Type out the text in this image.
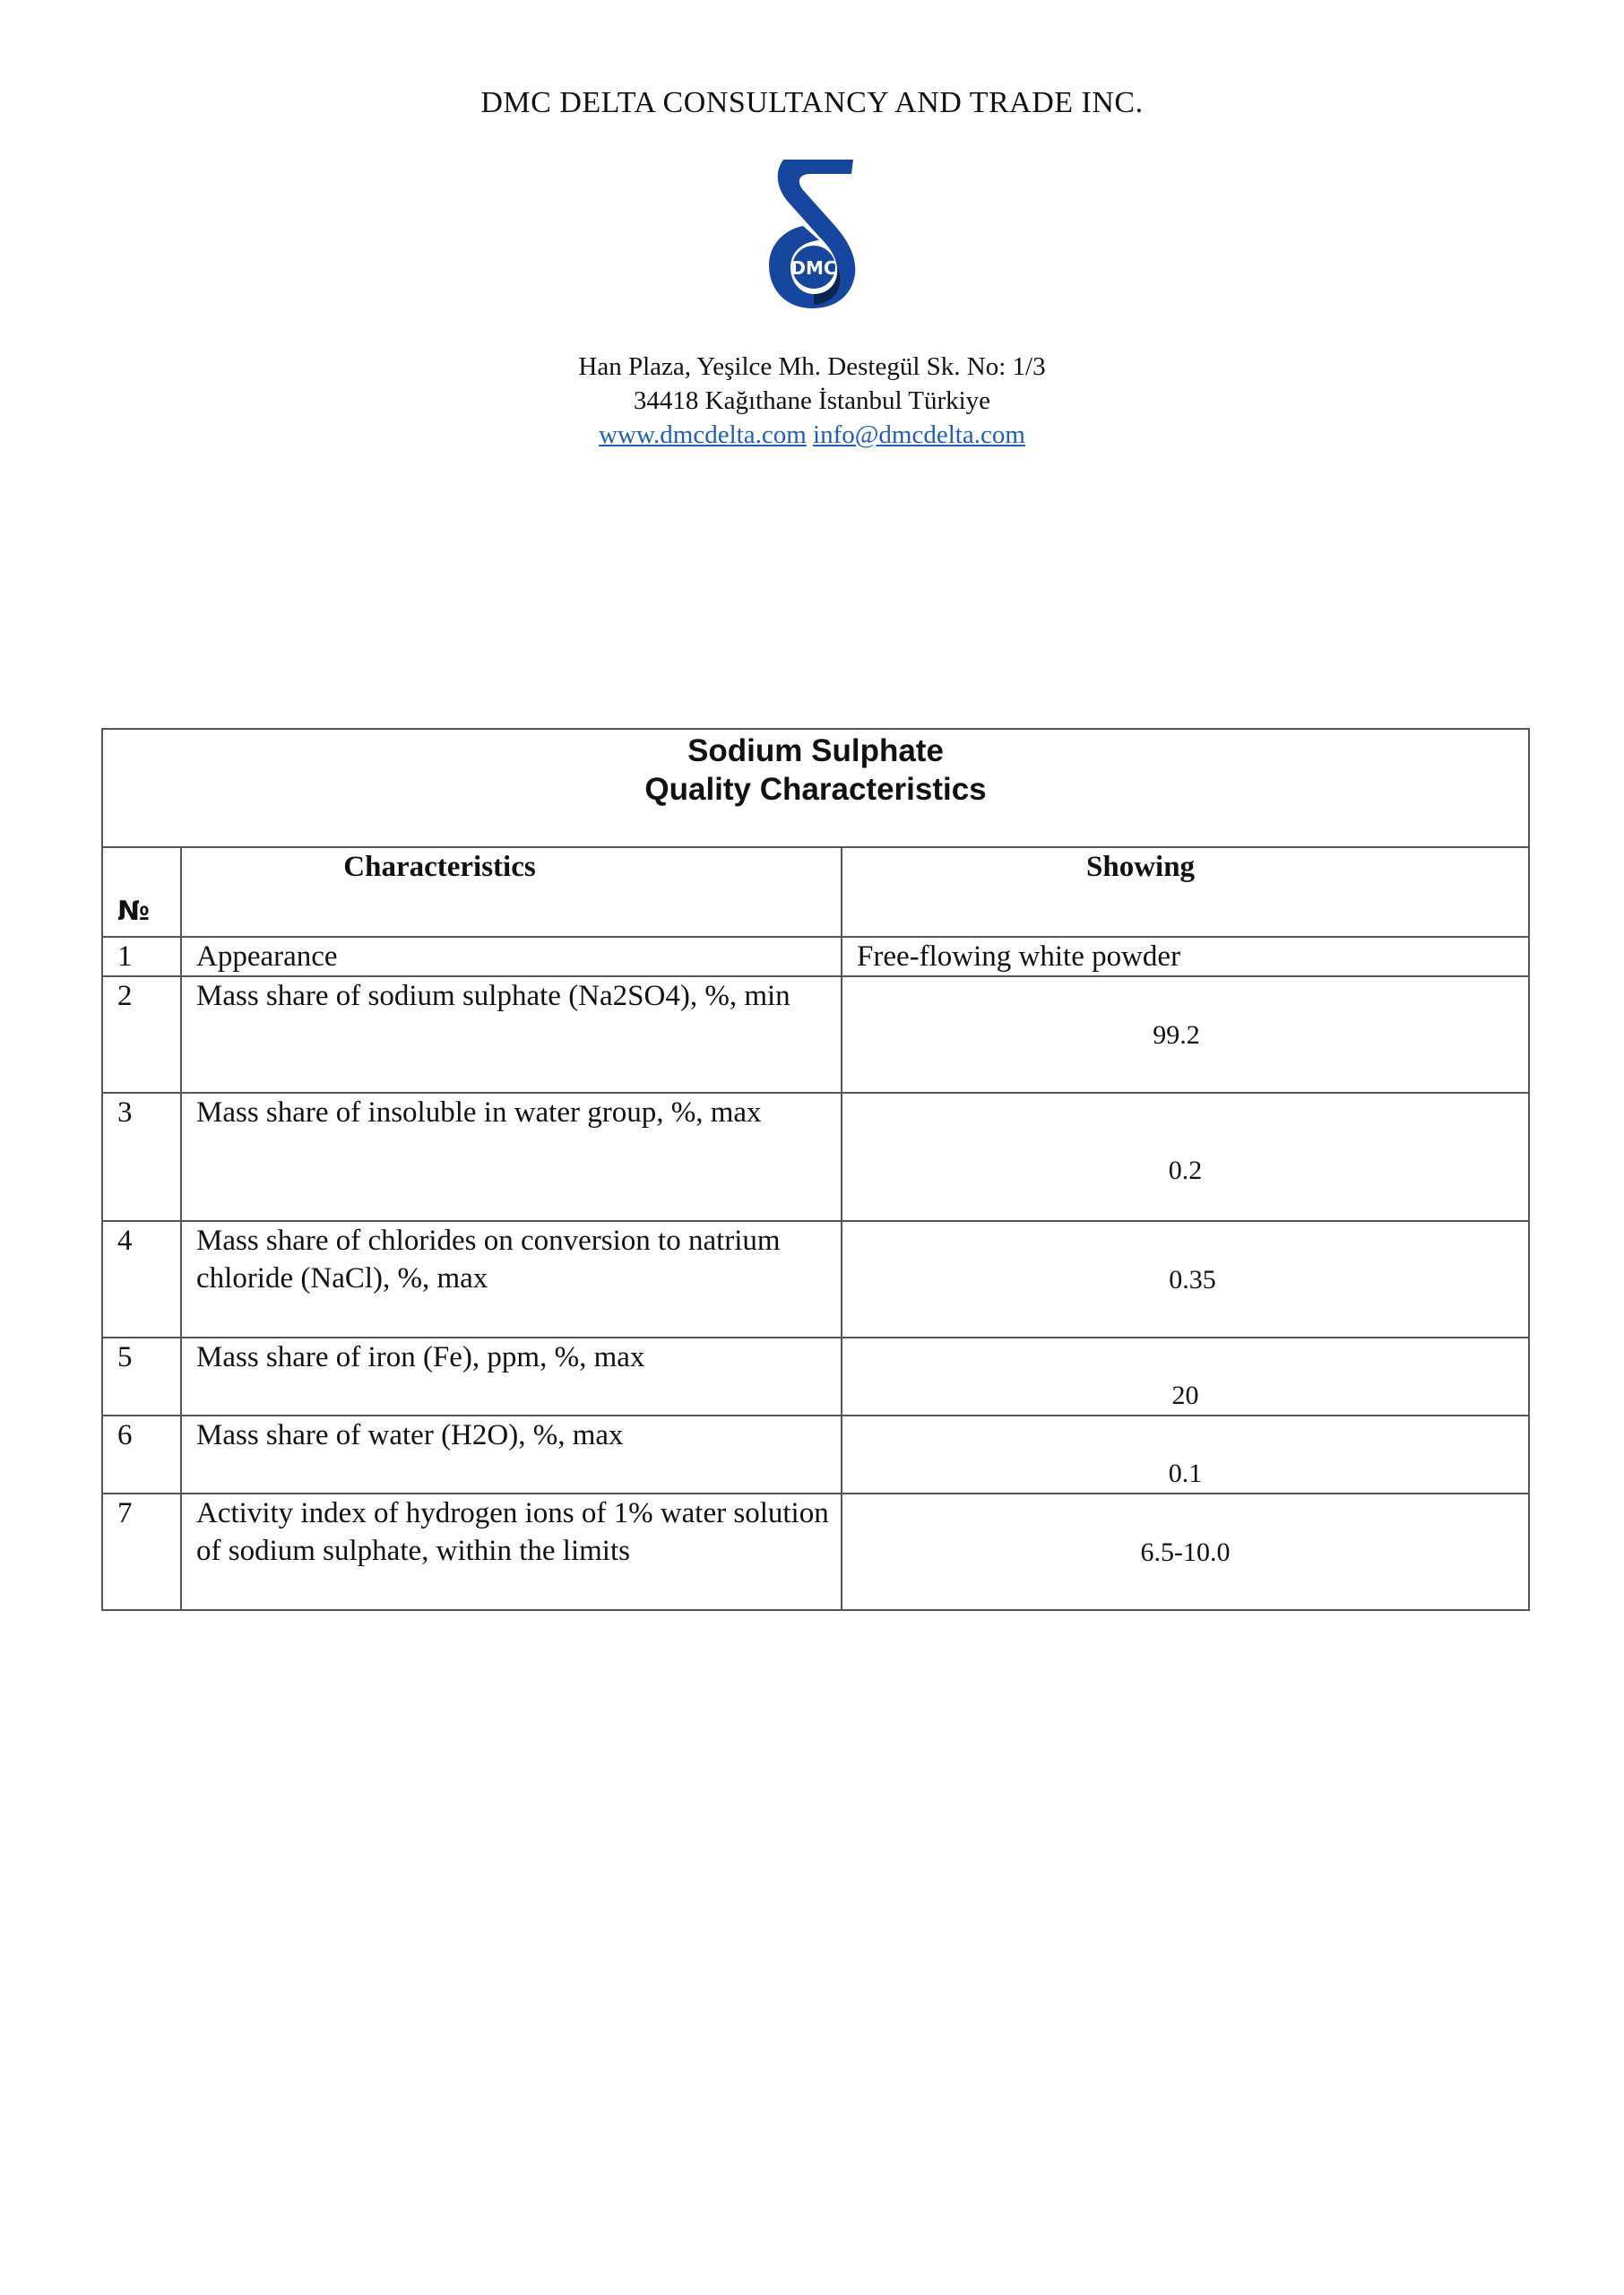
DMC DELTA CONSULTANCY AND TRADE INC.
DMC
Han Plaza, Yeşilce Mh. Destegül Sk. No: 1/3
34418 Kağıthane İstanbul Türkiye
www.dmcdelta.com info@dmcdelta.com
Sodium Sulphate
Quality Characteristics		

№	Characteristics	Showing

1	Appearance	Free-flowing white powder
2	Mass share of sodium sulphate (Na2SO4), %, min	99.2
3	Mass share of insoluble in water group, %, max	0.2
4	Mass share of chlorides on conversion to natrium chloride (NaCl), %, max	0.35
5	Mass share of iron (Fe), ppm, %, max	20
6	Mass share of water (H2O), %, max	0.1
7	Activity index of hydrogen ions of 1% water solution of sodium sulphate, within the limits	6.5-10.0
